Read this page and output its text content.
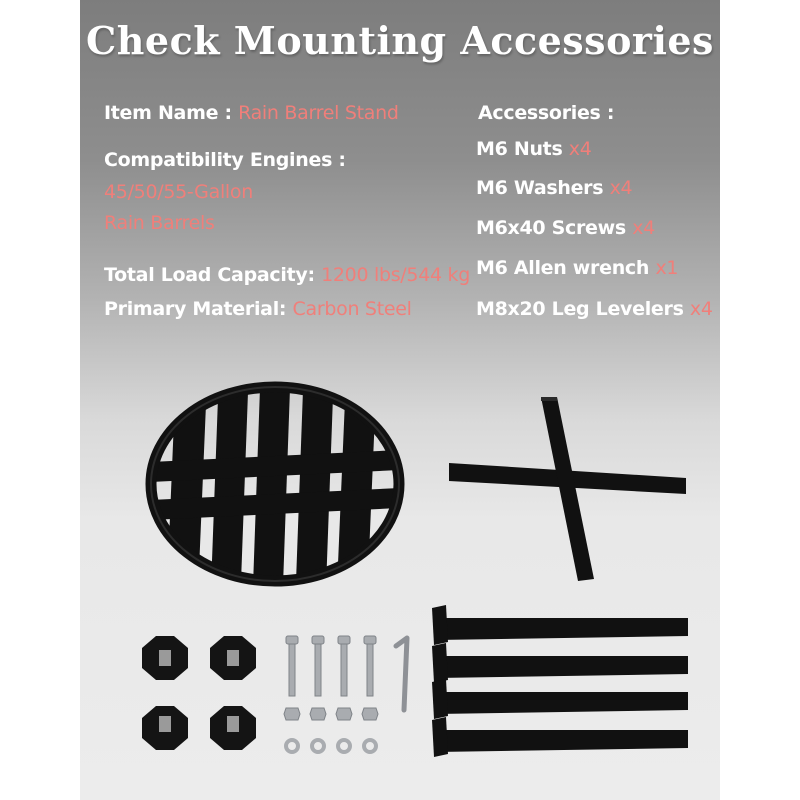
Check Mounting Accessories
Item Name : Rain Barrel Stand
Compatibility Engines :
45/50/55-Gallon
Rain Barrels
Total Load Capacity: 1200 lbs/544 kg
Primary Material: Carbon Steel
Accessories :
M6 Nuts x4
M6 Washers x4
M6x40 Screws x4
M6 Allen wrench x1
M8x20 Leg Levelers x4
